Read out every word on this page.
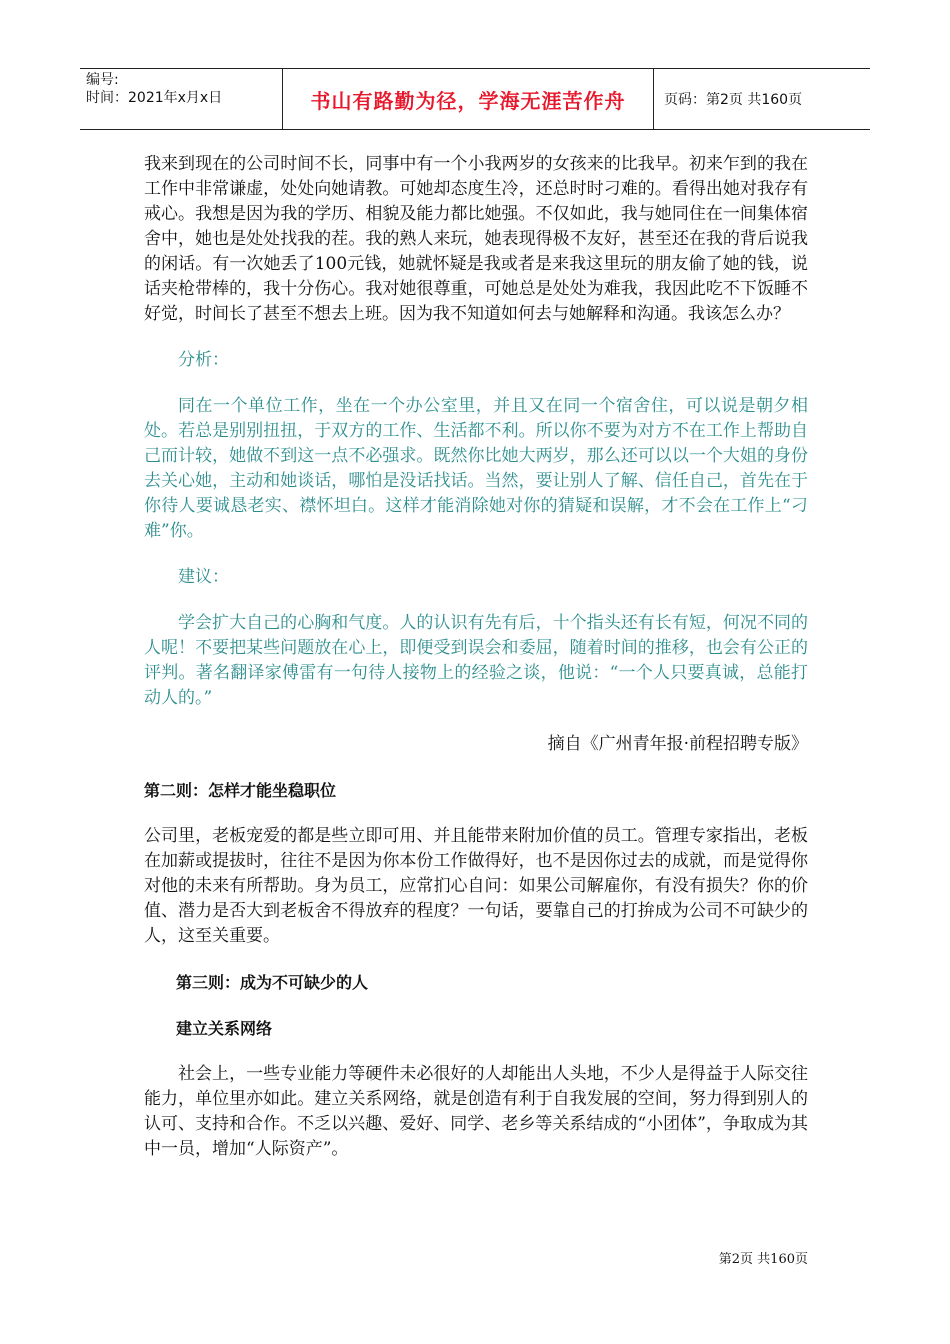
编号:
时间：2021年x月x日	书山有路勤为径，学海无涯苦作舟	页码：第2页 共160页

我来到现在的公司时间不长，同事中有一个小我两岁的女孩来的比我早。初来乍到的我在工作中非常谦虚，处处向她请教。可她却态度生冷，还总时时刁难的。看得出她对我存有戒心。我想是因为我的学历、相貌及能力都比她强。不仅如此，我与她同住在一间集体宿舍中，她也是处处找我的茬。我的熟人来玩，她表现得极不友好，甚至还在我的背后说我的闲话。有一次她丢了100元钱，她就怀疑是我或者是来我这里玩的朋友偷了她的钱，说话夹枪带棒的，我十分伤心。我对她很尊重，可她总是处处为难我，我因此吃不下饭睡不好觉，时间长了甚至不想去上班。因为我不知道如何去与她解释和沟通。我该怎么办？

分析：

同在一个单位工作，坐在一个办公室里，并且又在同一个宿舍住，可以说是朝夕相处。若总是别别扭扭，于双方的工作、生活都不利。所以你不要为对方不在工作上帮助自己而计较，她做不到这一点不必强求。既然你比她大两岁，那么还可以以一个大姐的身份去关心她，主动和她谈话，哪怕是没话找话。当然，要让别人了解、信任自己，首先在于你待人要诚恳老实、襟怀坦白。这样才能消除她对你的猜疑和误解，才不会在工作上“刁难”你。

建议：

学会扩大自己的心胸和气度。人的认识有先有后，十个指头还有长有短，何况不同的人呢！不要把某些问题放在心上，即便受到误会和委屈，随着时间的推移，也会有公正的评判。著名翻译家傅雷有一句待人接物上的经验之谈，他说：“一个人只要真诚，总能打动人的。”

摘自《广州青年报·前程招聘专版》

第二则：怎样才能坐稳职位

公司里，老板宠爱的都是些立即可用、并且能带来附加价值的员工。管理专家指出，老板在加薪或提拔时，往往不是因为你本份工作做得好，也不是因你过去的成就，而是觉得你对他的未来有所帮助。身为员工，应常扪心自问：如果公司解雇你，有没有损失？你的价值、潜力是否大到老板舍不得放弃的程度？一句话，要靠自己的打拚成为公司不可缺少的人，这至关重要。

第三则：成为不可缺少的人

建立关系网络

社会上，一些专业能力等硬件未必很好的人却能出人头地，不少人是得益于人际交往能力，单位里亦如此。建立关系网络，就是创造有利于自我发展的空间，努力得到别人的认可、支持和合作。不乏以兴趣、爱好、同学、老乡等关系结成的“小团体”，争取成为其中一员，增加“人际资产”。

第2页 共160页
